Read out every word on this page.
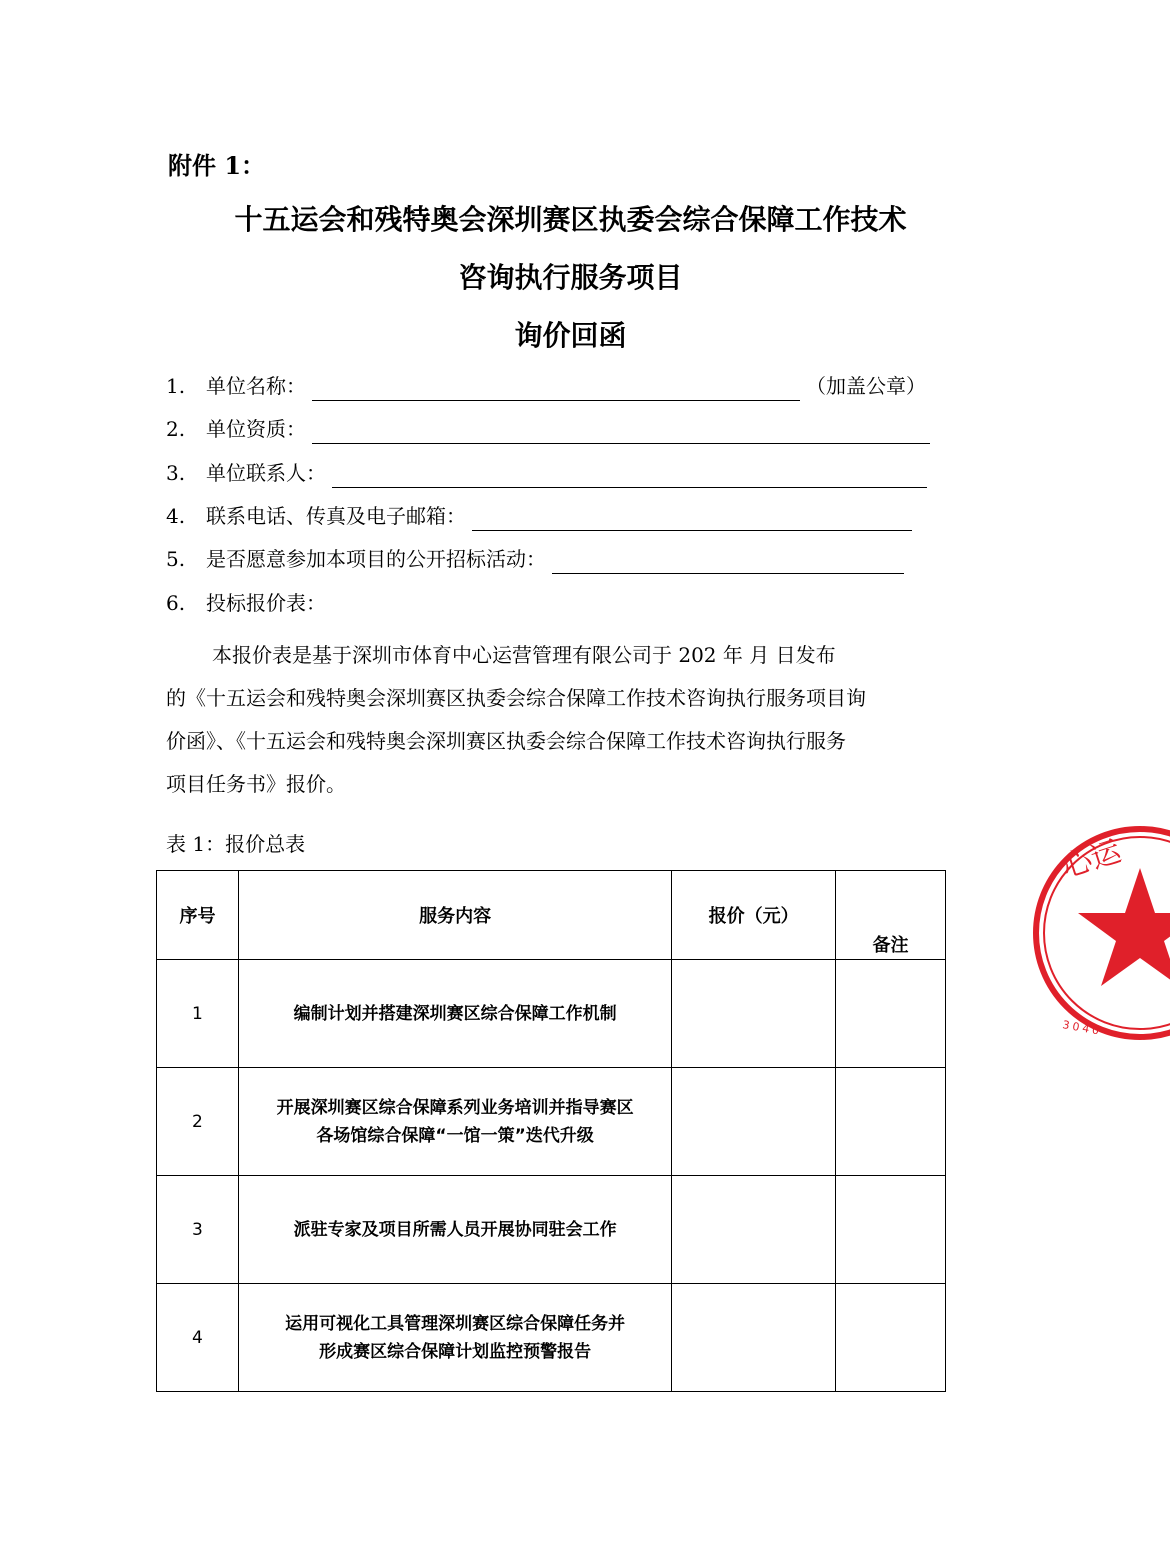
附件 1：
十五运会和残特奥会深圳赛区执委会综合保障工作技术
咨询执行服务项目
询价回函
1.	单位名称：	（加盖公章）
2.	单位资质：
3.	单位联系人：
4.	联系电话、传真及电子邮箱：
5.	是否愿意参加本项目的公开招标活动：
6.	投标报价表：

本报价表是基于深圳市体育中心运营管理有限公司于 202 年 月 日发布

的《十五运会和残特奥会深圳赛区执委会综合保障工作技术咨询执行服务项目询

价函》、《十五运会和残特奥会深圳赛区执委会综合保障工作技术咨询执行服务

项目任务书》报价。

表 1：报价总表
序号	服务内容	报价（元）	备注
1	编制计划并搭建深圳赛区综合保障工作机制		
2	开展深圳赛区综合保障系列业务培训并指导赛区
各场馆综合保障“一馆一策”迭代升级		
3	派驻专家及项目所需人员开展协同驻会工作		
4	运用可视化工具管理深圳赛区综合保障任务并
形成赛区综合保障计划监控预警报告		
心运
3040
